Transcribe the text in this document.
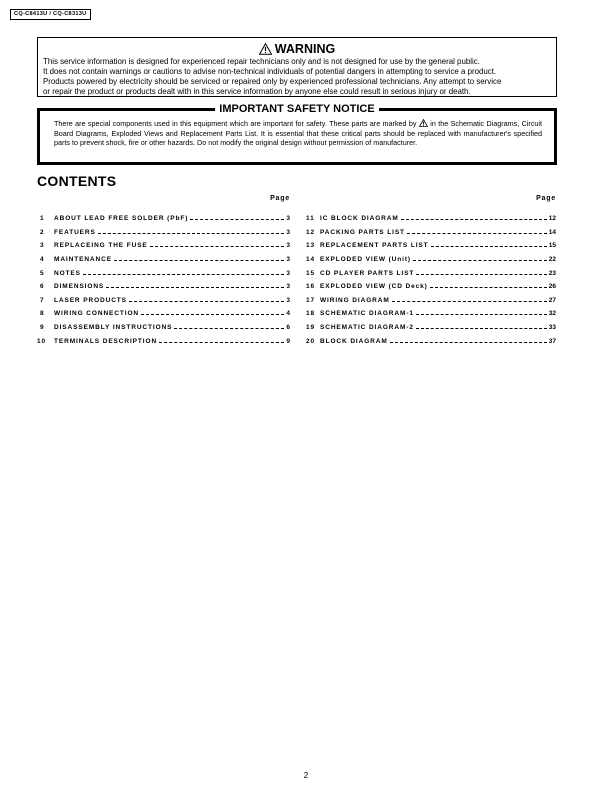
CQ-C8413U / CQ-C8313U
WARNING

This service information is designed for experienced repair technicians only and is not designed for use by the general public.

It does not contain warnings or cautions to advise non-technical individuals of potential dangers in attempting to service a product.

Products powered by electricity should be serviced or repaired only by experienced professional technicians. Any attempt to service

or repair the product or products dealt with in this service information by anyone else could result in serious injury or death.

IMPORTANT SAFETY NOTICE

There are special components used in this equipment which are important for safety. These parts are marked by in the Schematic Diagrams, Circuit Board Diagrams, Exploded Views and Replacement Parts List. It is essential that these critical parts should be replaced with manufacturer's specified parts to prevent shock, fire or other hazards. Do not modify the original design without permission of manufacturer.

CONTENTS
Page
1	ABOUT LEAD FREE SOLDER (PbF)	3
2	FEATUERS	3
3	REPLACEING THE FUSE	3
4	MAINTENANCE	3
5	NOTES	3
6	DIMENSIONS	3
7	LASER PRODUCTS	3
8	WIRING CONNECTION	4
9	DISASSEMBLY INSTRUCTIONS	6
10	TERMINALS DESCRIPTION	9
Page
11 IC BLOCK DIAGRAM	12
12 PACKING PARTS LIST	14
13 REPLACEMENT PARTS LIST	15
14 EXPLODED VIEW (Unit)	22
15 CD PLAYER PARTS LIST	23
16 EXPLODED VIEW (CD Deck)	26
17 WIRING DIAGRAM	27
18 SCHEMATIC DIAGRAM-1	32
19 SCHEMATIC DIAGRAM-2	33
20 BLOCK DIAGRAM	37
2
